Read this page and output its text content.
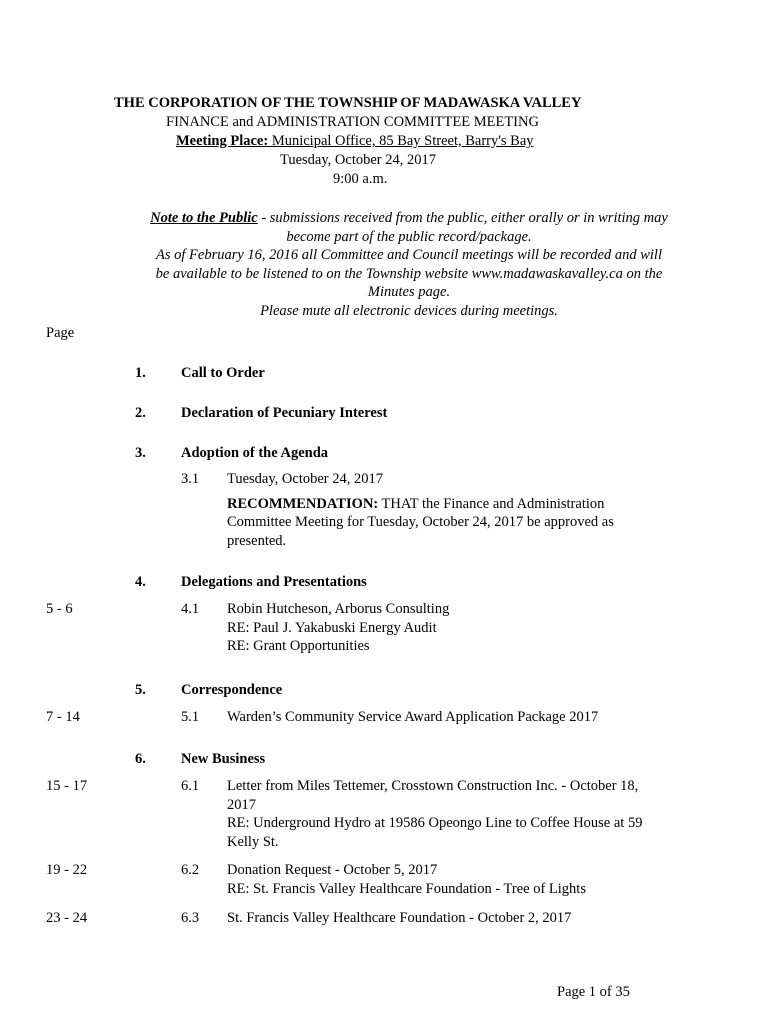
THE CORPORATION OF THE TOWNSHIP OF MADAWASKA VALLEY
FINANCE and ADMINISTRATION COMMITTEE MEETING
Meeting Place: Municipal Office, 85 Bay Street, Barry's Bay
Tuesday, October 24, 2017
9:00 a.m.

Note to the Public - submissions received from the public, either orally or in writing may

become part of the public record/package.

As of February 16, 2016 all Committee and Council meetings will be recorded and will

be available to be listened to on the Township website www.madawaskavalley.ca on the

Minutes page.

Please mute all electronic devices during meetings.

Page
1. Call to Order
2. Declaration of Pecuniary Interest
3. Adoption of the Agenda
3.1 Tuesday, October 24, 2017
RECOMMENDATION: THAT the Finance and Administration
Committee Meeting for Tuesday, October 24, 2017 be approved as
presented.
4. Delegations and Presentations
5 - 6	4.1 Robin Hutcheson, Arborus Consulting
RE: Paul J. Yakabuski Energy Audit
RE: Grant Opportunities
5. Correspondence
7 - 14	5.1 Warden’s Community Service Award Application Package 2017
6. New Business
15 - 17	6.1 Letter from Miles Tettemer, Crosstown Construction Inc. - October 18,
2017
RE: Underground Hydro at 19586 Opeongo Line to Coffee House at 59
Kelly St.
19 - 22	6.2 Donation Request - October 5, 2017
RE: St. Francis Valley Healthcare Foundation - Tree of Lights
23 - 24	6.3 St. Francis Valley Healthcare Foundation - October 2, 2017
Page 1 of 35
